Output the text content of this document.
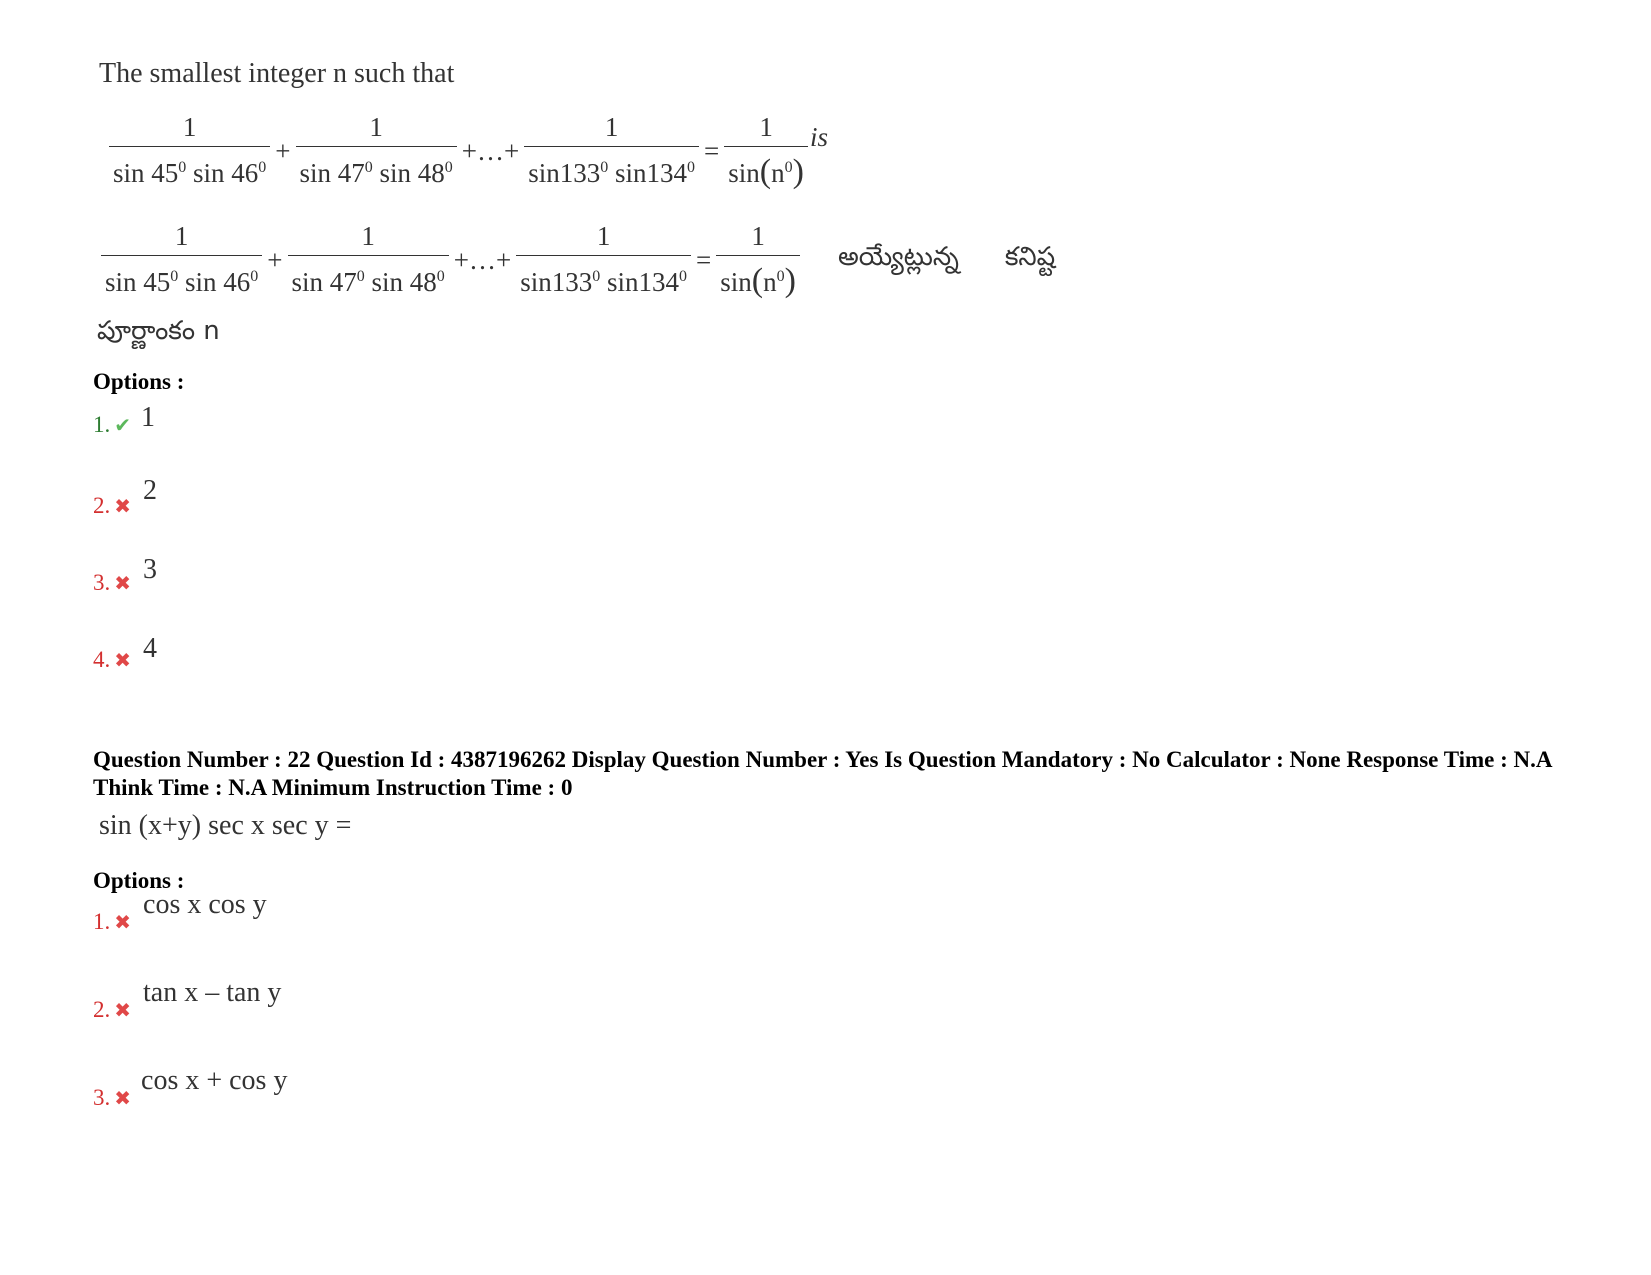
The smallest integer n such that
$\frac{1}{\sin 45^0 \sin 46^0} + \frac{1}{\sin 47^0 \sin 48^0}$ +…+ $\frac{1}{\sin 133^0 \sin 134^0} = \frac{1}{\sin(n^0)}$ is
$\frac{1}{\sin 45^0 \sin 46^0} + \frac{1}{\sin 47^0 \sin 48^0}$ +…+ $\frac{1}{\sin 133^0 \sin 134^0} = \frac{1}{\sin(n^0)}$ అయ్యేట్లున్న కనిష్ట
పూర్ణాంకం n
Options :
1. ✔ 1
2. ✖ 2
3. ✖ 3
4. ✖ 4
Question Number : 22 Question Id : 4387196262 Display Question Number : Yes Is Question Mandatory : No Calculator : None Response Time : N.A Think Time : N.A Minimum Instruction Time : 0
sin (x+y) sec x sec y =
Options :
1. ✖ cos x cos y
2. ✖ tan x – tan y
3. ✖ cos x + cos y
